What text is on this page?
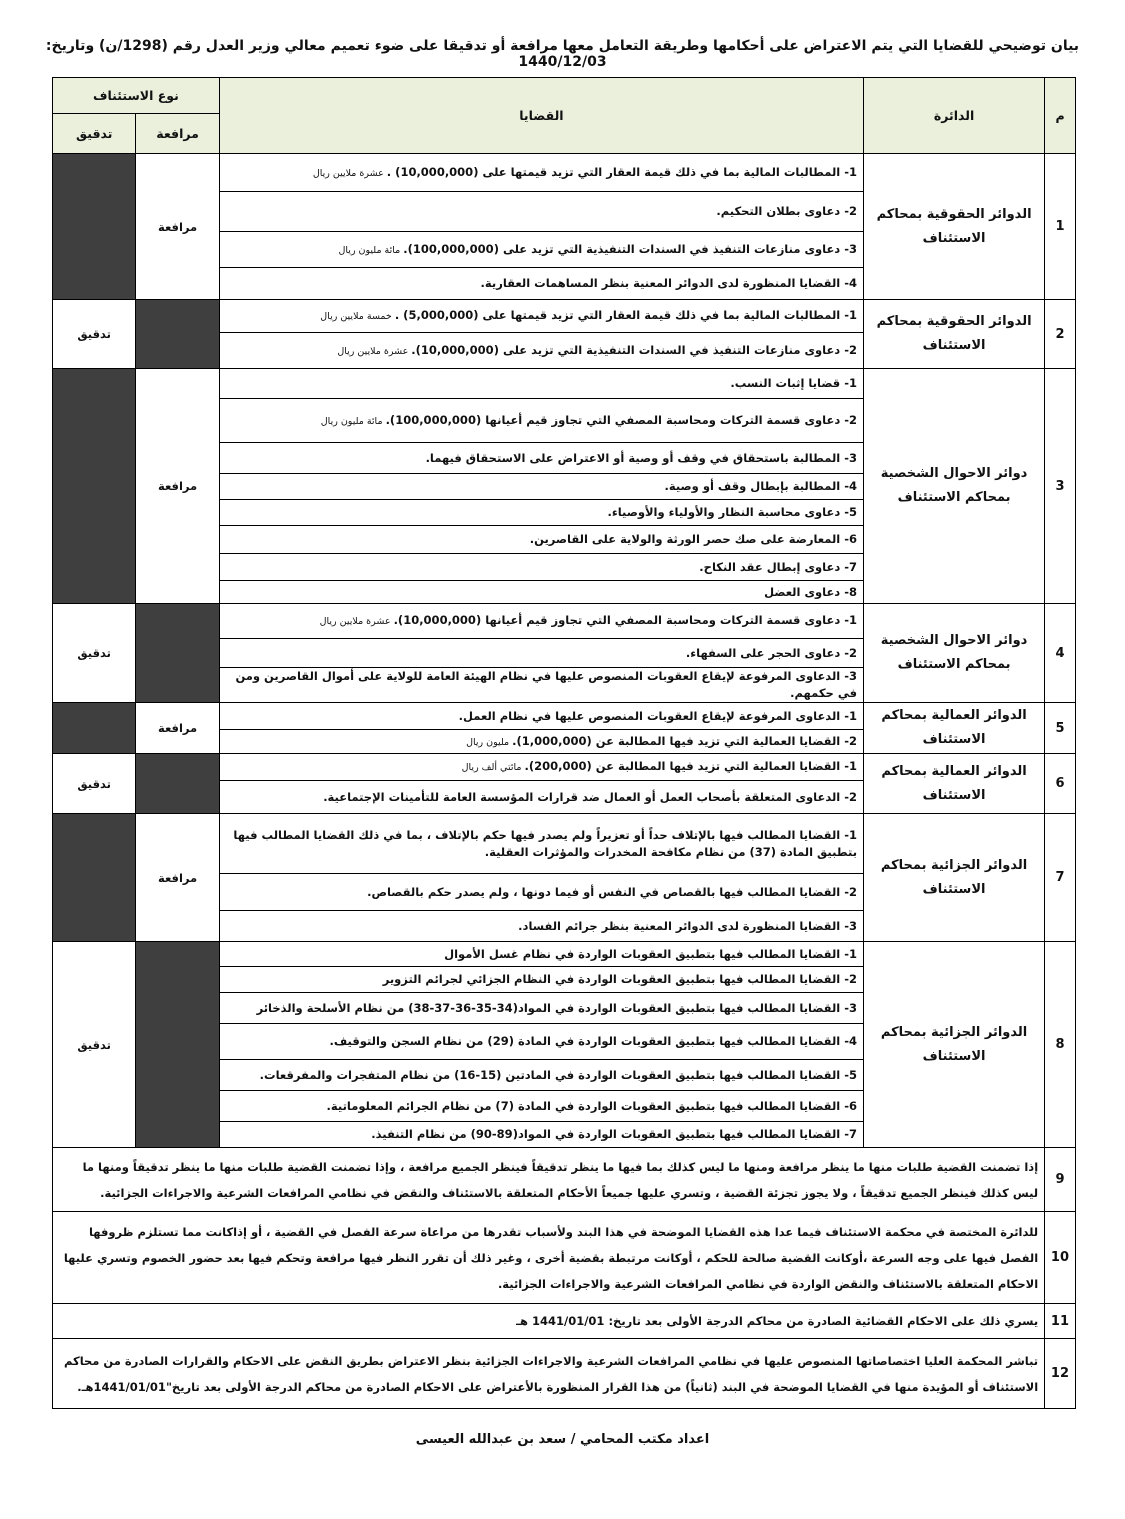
بيان توضيحي للقضايا التي يتم الاعتراض على أحكامها وطريقة التعامل معها مرافعة أو تدقيقا على ضوء تعميم معالي وزير العدل رقم (1298/ن) وتاريخ: 1440/12/03
م	الدائرة	القضايا	نوع الاستئناف	
			مرافعة	تدقيق
1	الدوائر الحقوقية بمحاكم الاستئناف	1- المطالبات المالية بما في ذلك قيمة العقار التي تزيد قيمتها على (10,000,000) . عشرة ملايين ريال	مرافعة	
		2- دعاوى بطلان التحكيم.		
		3- دعاوى منازعات التنفيذ في السندات التنفيذية التي تزيد على (100,000,000). مائة مليون ريال		
		4- القضايا المنظورة لدى الدوائر المعنية بنظر المساهمات العقارية.		
2	الدوائر الحقوقية بمحاكم الاستئناف	1- المطالبات المالية بما في ذلك قيمة العقار التي تزيد قيمتها على (5,000,000) . خمسة ملايين ريال		تدقيق
		2- دعاوى منازعات التنفيذ في السندات التنفيذية التي تزيد على (10,000,000). عشرة ملايين ريال		
3	دوائر الاحوال الشخصية بمحاكم الاستئناف	1- قضايا إثبات النسب.	مرافعة	
		2- دعاوى قسمة التركات ومحاسبة المصفي التي تجاوز قيم أعيانها (100,000,000). مائة مليون ريال		
		3- المطالبة باستحقاق في وقف أو وصية أو الاعتراض على الاستحقاق فيهما.		
		4- المطالبة بإبطال وقف أو وصية.		
		5- دعاوى محاسبة النظار والأولياء والأوصياء.		
		6- المعارضة على صك حصر الورثة والولاية على القاصرين.		
		7- دعاوى إبطال عقد النكاح.		
		8- دعاوى العضل		
4	دوائر الاحوال الشخصية بمحاكم الاستئناف	1- دعاوى قسمة التركات ومحاسبة المصفي التي تجاوز قيم أعيانها (10,000,000). عشرة ملايين ريال		تدقيق
		2- دعاوى الحجر على السفهاء.		
		3- الدعاوى المرفوعة لإيقاع العقوبات المنصوص عليها في نظام الهيئة العامة للولاية على أموال القاصرين ومن في حكمهم.		
5	الدوائر العمالية بمحاكم الاستئناف	1- الدعاوى المرفوعة لإيقاع العقوبات المنصوص عليها في نظام العمل.	مرافعة	
		2- القضايا العمالية التي تزيد فيها المطالبة عن (1,000,000). مليون ريال		
6	الدوائر العمالية بمحاكم الاستئناف	1- القضايا العمالية التي تزيد فيها المطالبة عن (200,000). مائتي ألف ريال		تدقيق
		2- الدعاوى المتعلقة بأصحاب العمل أو العمال ضد قرارات المؤسسة العامة للتأمينات الإجتماعية.		
7	الدوائر الجزائية بمحاكم الاستئناف	1- القضايا المطالب فيها بالإتلاف حداً أو تعزيراً ولم يصدر فيها حكم بالإتلاف ، بما في ذلك القضايا المطالب فيها بتطبيق المادة (37) من نظام مكافحة المخدرات والمؤثرات العقلية.	مرافعة	
		2- القضايا المطالب فيها بالقصاص في النفس أو فيما دونها ، ولم يصدر حكم بالقصاص.		
		3- القضايا المنظورة لدى الدوائر المعنية بنظر جرائم الفساد.		
8	الدوائر الجزائية بمحاكم الاستئناف	1- القضايا المطالب فيها بتطبيق العقوبات الواردة في نظام غسل الأموال		تدقيق
		2- القضايا المطالب فيها بتطبيق العقوبات الواردة في النظام الجزائي لجرائم التزوير		
		3- القضايا المطالب فيها بتطبيق العقوبات الواردة في المواد(34-35-36-37-38) من نظام الأسلحة والذخائر		
		4- القضايا المطالب فيها بتطبيق العقوبات الواردة في المادة (29) من نظام السجن والتوقيف.		
		5- القضايا المطالب فيها بتطبيق العقوبات الواردة في المادتين (15-16) من نظام المتفجرات والمفرقعات.		
		6- القضايا المطالب فيها بتطبيق العقوبات الواردة في المادة (7) من نظام الجرائم المعلوماتية.		
		7- القضايا المطالب فيها بتطبيق العقوبات الواردة في المواد(89-90) من نظام التنفيذ.		
9	إذا تضمنت القضية طلبات منها ما ينظر مرافعة ومنها ما ليس كذلك بما فيها ما ينظر تدقيقاً فينظر الجميع مرافعة ، وإذا تضمنت القضية طلبات منها ما ينظر تدقيقاً ومنها ما ليس كذلك فينظر الجميع تدقيقاً ، ولا يجوز تجزئة القضية ، وتسري عليها جميعاً الأحكام المتعلقة بالاستئناف والنقض في نظامي المرافعات الشرعية والاجراءات الجزائية.			
10	للدائرة المختصة في محكمة الاستئناف فيما عدا هذه القضايا الموضحة في هذا البند ولأسباب تقدرها من مراعاة سرعة الفصل في القضية ، أو إذاكانت مما تستلزم ظروفها الفصل فيها على وجه السرعة ،أوكانت القضية صالحة للحكم ، أوكانت مرتبطة بقضية أخرى ، وغير ذلك أن تقرر النظر فيها مرافعة وتحكم فيها بعد حضور الخصوم وتسري عليها الاحكام المتعلقة بالاستئناف والنقض الواردة في نظامي المرافعات الشرعية والاجراءات الجزائية.			
11	يسري ذلك على الاحكام القضائية الصادرة من محاكم الدرجة الأولى بعد تاريخ: 1441/01/01 هـ			
12	تباشر المحكمة العليا اختصاصاتها المنصوص عليها في نظامي المرافعات الشرعية والاجراءات الجزائية بنظر الاعتراض بطريق النقض على الاحكام والقرارات الصادرة من محاكم الاستئناف أو المؤيدة منها في القضايا الموضحة في البند (ثانياً) من هذا القرار المنظورة بالأعتراض على الاحكام الصادرة من محاكم الدرجة الأولى بعد تاريخ"1441/01/01هـ.			
اعداد مكتب المحامي / سعد بن عبدالله العيسى
